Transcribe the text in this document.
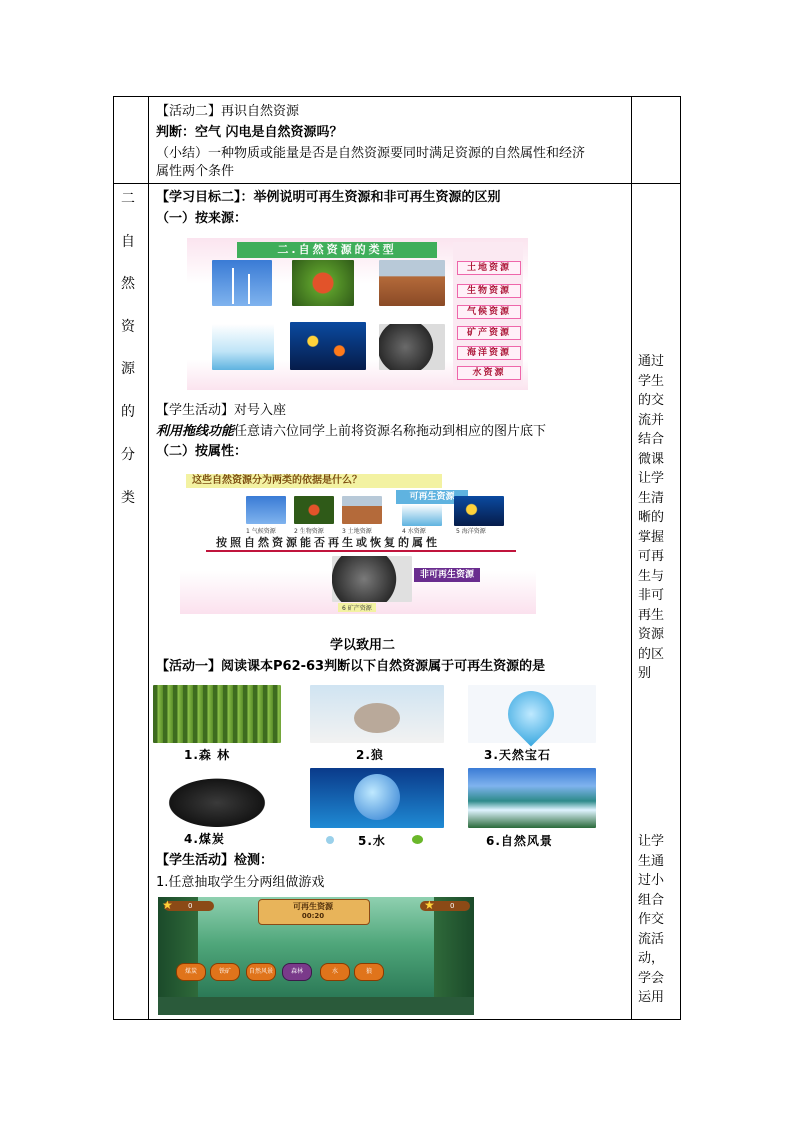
【活动二】再识自然资源
判断：空气 闪电是自然资源吗？
（小结）一种物质或能量是否是自然资源要同时满足资源的自然属性和经济
属性两个条件
二
自
然
资
源
的
分
类
【学习目标二】：举例说明可再生资源和非可再生资源的区别
（一）按来源：
二.自然资源的类型
土地资源
生物资源
气候资源
矿产资源
海洋资源
水资源
【学生活动】对号入座
利用拖线功能任意请六位同学上前将资源名称拖动到相应的图片底下
（二）按属性：
这些自然资源分为两类的依据是什么？
可再生资源
1 气候资源	2 生物资源	3 土地资源	4 水资源	5 海洋资源
按照自然资源能否再生或恢复的属性
非可再生资源
6 矿产资源
学以致用二
【活动一】阅读课本P62-63判断以下自然资源属于可再生资源的是
1.森 林	2.狼	3.天然宝石
4.煤炭	5.水	6.自然风景
【学生活动】检测：
1.任意抽取学生分两组做游戏
★ 0	★ 0
可再生资源
00:20
煤炭	铁矿	自然风景	森林	水	狼
通过学生的交流并结合微课让学生清晰的掌握可再生与非可再生资源的区别
让学生通过小组合作交流活动，学会运用
